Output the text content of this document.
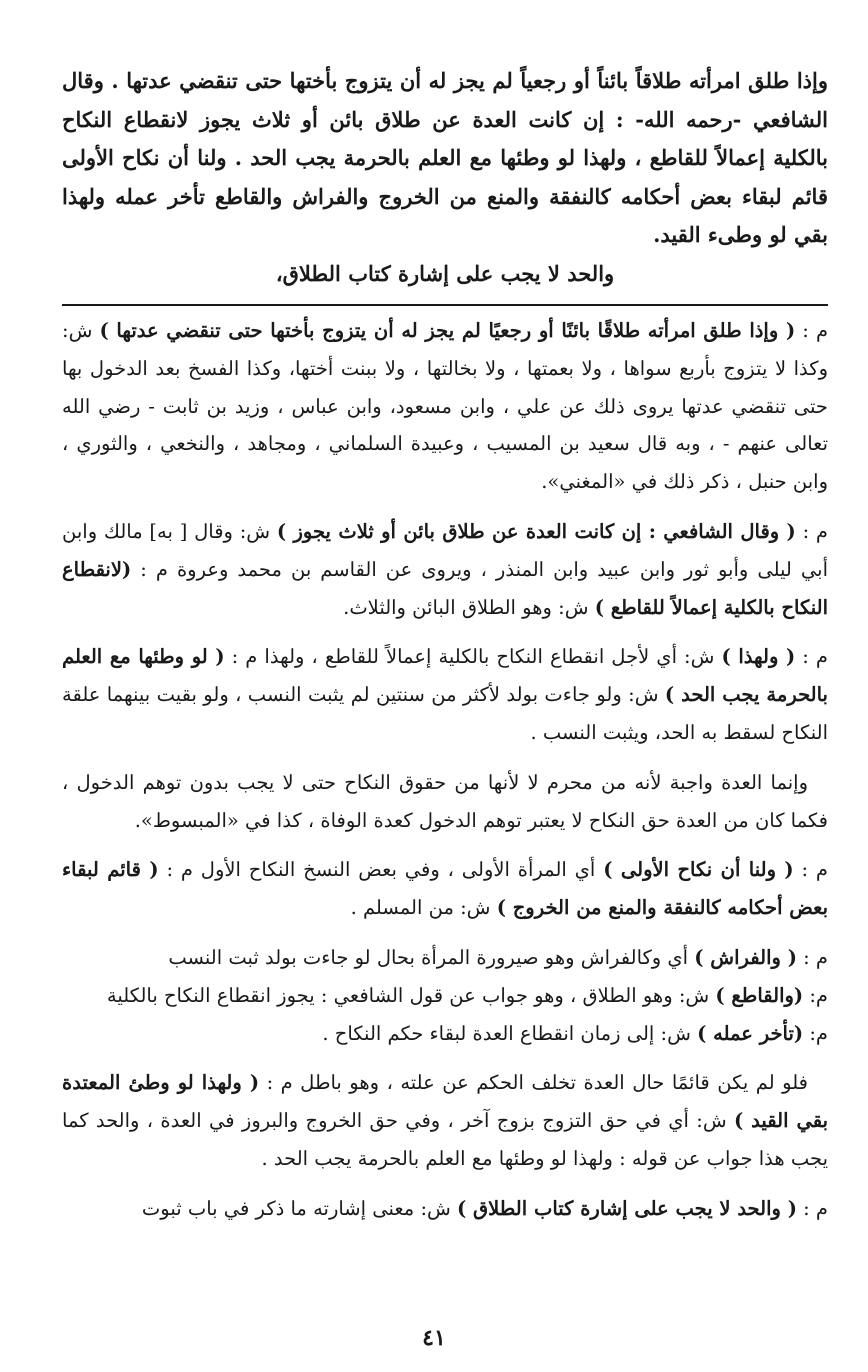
وإذا طلق امرأته طلاقاً بائناً أو رجعياً لم يجز له أن يتزوج بأختها حتى تنقضي عدتها . وقال الشافعي -رحمه الله- : إن كانت العدة عن طلاق بائن أو ثلاث يجوز لانقطاع النكاح بالكلية إعمالاً للقاطع ، ولهذا لو وطئها مع العلم بالحرمة يجب الحد . ولنا أن نكاح الأولى قائم لبقاء بعض أحكامه كالنفقة والمنع من الخروج والفراش والقاطع تأخر عمله ولهذا بقي لو وطىء القيد.

والحد لا يجب على إشارة كتاب الطلاق،

م : ( وإذا طلق امرأته طلاقًا بائنًا أو رجعيًا لم يجز له أن يتزوج بأختها حتى تنقضي عدتها ) ش: وكذا لا يتزوج بأربع سواها ، ولا بعمتها ، ولا بخالتها ، ولا ببنت أختها، وكذا الفسخ بعد الدخول بها حتى تنقضي عدتها يروى ذلك عن علي ، وابن مسعود، وابن عباس ، وزيد بن ثابت - رضي الله تعالى عنهم - ، وبه قال سعيد بن المسيب ، وعبيدة السلماني ، ومجاهد ، والنخعي ، والثوري ، وابن حنبل ، ذكر ذلك في «المغني».

م : ( وقال الشافعي : إن كانت العدة عن طلاق بائن أو ثلاث يجوز ) ش: وقال [ به] مالك وابن أبي ليلى وأبو ثور وابن عبيد وابن المنذر ، ويروى عن القاسم بن محمد وعروة م : (لانقطاع النكاح بالكلية إعمالاً للقاطع ) ش: وهو الطلاق البائن والثلاث.

م : ( ولهذا ) ش: أي لأجل انقطاع النكاح بالكلية إعمالاً للقاطع ، ولهذا م : ( لو وطئها مع العلم بالحرمة يجب الحد ) ش: ولو جاءت بولد لأكثر من سنتين لم يثبت النسب ، ولو بقيت بينهما علقة النكاح لسقط به الحد، ويثبت النسب .

وإنما العدة واجبة لأنه من محرم لا لأنها من حقوق النكاح حتى لا يجب بدون توهم الدخول ، فكما كان من العدة حق النكاح لا يعتبر توهم الدخول كعدة الوفاة ، كذا في «المبسوط».

م : ( ولنا أن نكاح الأولى ) أي المرأة الأولى ، وفي بعض النسخ النكاح الأول م : ( قائم لبقاء بعض أحكامه كالنفقة والمنع من الخروج ) ش: من المسلم .

م : ( والفراش ) أي وكالفراش وهو صيرورة المرأة بحال لو جاءت بولد ثبت النسب

م: (والقاطع ) ش: وهو الطلاق ، وهو جواب عن قول الشافعي : يجوز انقطاع النكاح بالكلية

م: (تأخر عمله ) ش: إلى زمان انقطاع العدة لبقاء حكم النكاح .

فلو لم يكن قائمًا حال العدة تخلف الحكم عن علته ، وهو باطل م : ( ولهذا لو وطئ المعتدة بقي القيد ) ش: أي في حق التزوج بزوج آخر ، وفي حق الخروج والبروز في العدة ، والحد كما يجب هذا جواب عن قوله : ولهذا لو وطئها مع العلم بالحرمة يجب الحد .

م : ( والحد لا يجب على إشارة كتاب الطلاق ) ش: معنى إشارته ما ذكر في باب ثبوت

٤١
